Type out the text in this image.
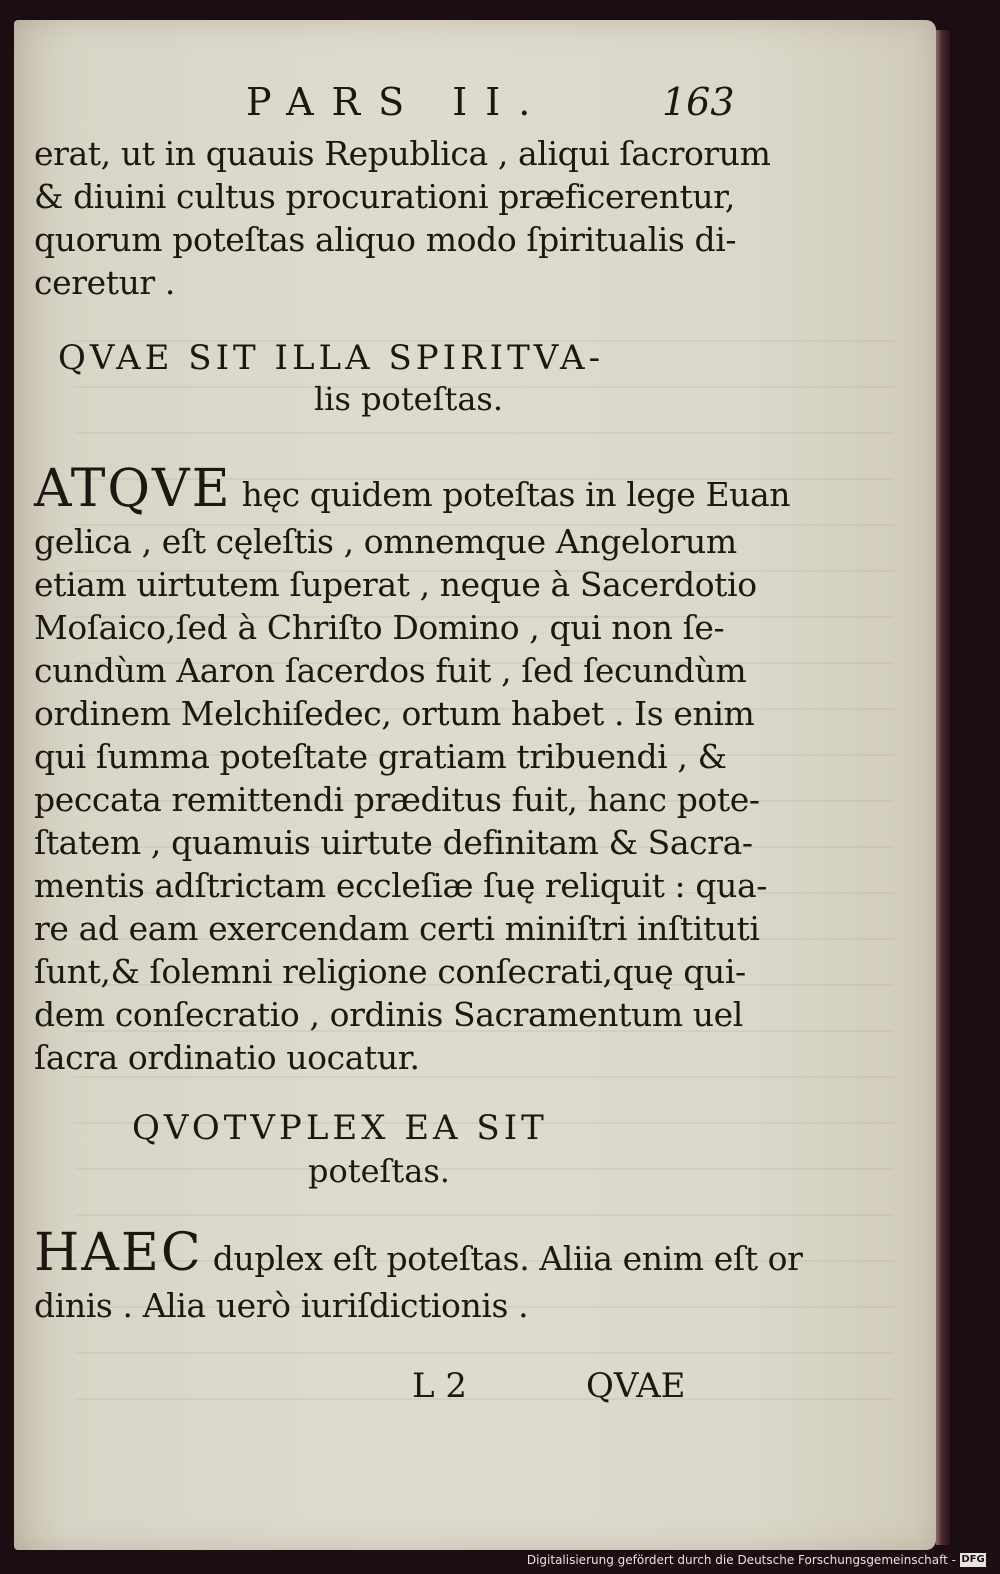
PARS II.	163
erat, ut in quauis Republica , aliqui ſacrorum
& diuini cultus procurationi præficerentur,
quorum poteſtas aliquo modo ſpiritualis di-
ceretur .
QVAE SIT ILLA SPIRITVA-
lis poteſtas.
ATQVE hęc quidem poteſtas in lege Euan
gelica , eſt cęleſtis , omnemque Angelorum
etiam uirtutem ſuperat , neque à Sacerdotio
Moſaico,ſed à Chriſto Domino , qui non ſe-
cundùm Aaron ſacerdos fuit , ſed ſecundùm
ordinem Melchiſedec, ortum habet . Is enim
qui ſumma poteſtate gratiam tribuendi , &
peccata remittendi præditus fuit, hanc pote-
ſtatem , quamuis uirtute definitam & Sacra-
mentis adſtrictam eccleſiæ ſuę reliquit : qua-
re ad eam exercendam certi miniſtri inſtituti
ſunt,& ſolemni religione conſecrati,quę qui-
dem conſecratio , ordinis Sacramentum uel
ſacra ordinatio uocatur.
QVOTVPLEX EA SIT
poteſtas.
HAEC duplex eſt poteſtas. Aliia enim eſt or
dinis . Alia uerò iuriſdictionis .
L 2	QVAE
Digitalisierung gefördert durch die Deutsche Forschungsgemeinschaft - DFG
